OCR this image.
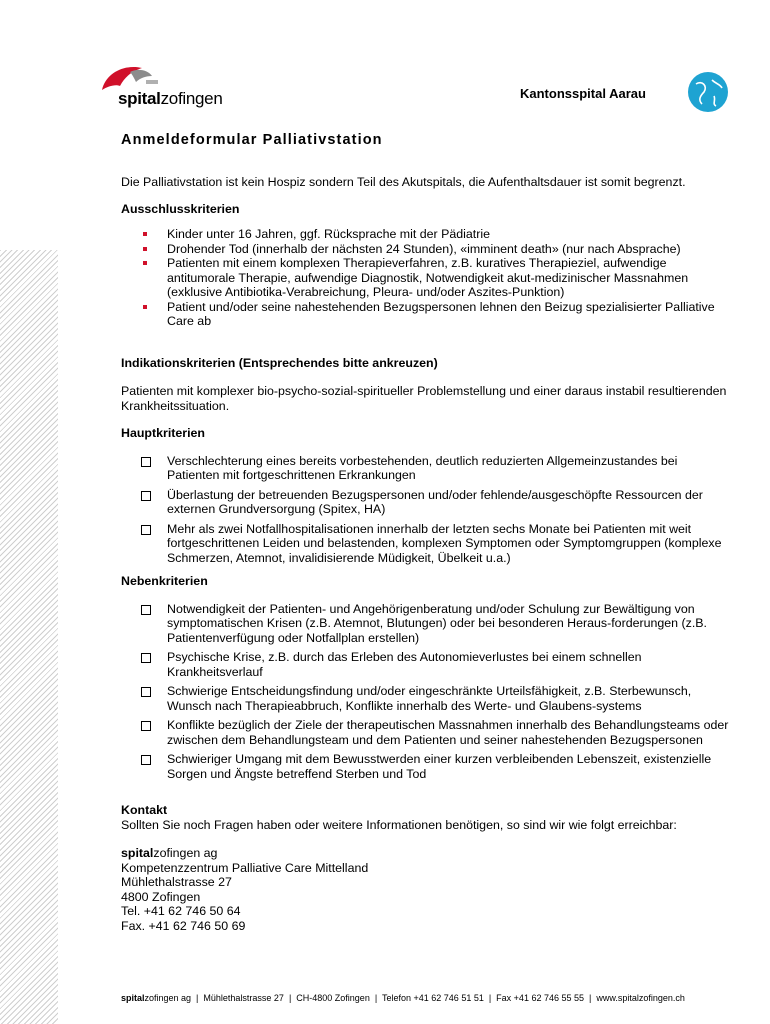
spitalzofingen	Kantonsspital Aarau
Anmeldeformular Palliativstation

Die Palliativstation ist kein Hospiz sondern Teil des Akutspitals, die Aufenthaltsdauer ist somit begrenzt.

Ausschlusskriterien

Kinder unter 16 Jahren, ggf. Rücksprache mit der Pädiatrie
Drohender Tod (innerhalb der nächsten 24 Stunden), «imminent death» (nur nach Absprache)
Patienten mit einem komplexen Therapieverfahren, z.B. kuratives Therapieziel, aufwendige antitumorale Therapie, aufwendige Diagnostik, Notwendigkeit akut-medizinischer Massnahmen (exklusive Antibiotika-Verabreichung, Pleura- und/oder Aszites-Punktion)
Patient und/oder seine nahestehenden Bezugspersonen lehnen den Beizug spezialisierter Palliative Care ab

Indikationskriterien (Entsprechendes bitte ankreuzen)

Patienten mit komplexer bio-psycho-sozial-spiritueller Problemstellung und einer daraus instabil resultierenden Krankheitssituation.

Hauptkriterien

Verschlechterung eines bereits vorbestehenden, deutlich reduzierten Allgemeinzustandes bei Patienten mit fortgeschrittenen Erkrankungen
Überlastung der betreuenden Bezugspersonen und/oder fehlende/ausgeschöpfte Ressourcen der externen Grundversorgung (Spitex, HA)
Mehr als zwei Notfallhospitalisationen innerhalb der letzten sechs Monate bei Patienten mit weit fortgeschrittenen Leiden und belastenden, komplexen Symptomen oder Symptomgruppen (komplexe Schmerzen, Atemnot, invalidisierende Müdigkeit, Übelkeit u.a.)

Nebenkriterien

Notwendigkeit der Patienten- und Angehörigenberatung und/oder Schulung zur Bewältigung von symptomatischen Krisen (z.B. Atemnot, Blutungen) oder bei besonderen Heraus-forderungen (z.B. Patientenverfügung oder Notfallplan erstellen)
Psychische Krise, z.B. durch das Erleben des Autonomieverlustes bei einem schnellen Krankheitsverlauf
Schwierige Entscheidungsfindung und/oder eingeschränkte Urteilsfähigkeit, z.B. Sterbewunsch, Wunsch nach Therapieabbruch, Konflikte innerhalb des Werte- und Glaubens-systems
Konflikte bezüglich der Ziele der therapeutischen Massnahmen innerhalb des Behandlungsteams oder zwischen dem Behandlungsteam und dem Patienten und seiner nahestehenden Bezugspersonen
Schwieriger Umgang mit dem Bewusstwerden einer kurzen verbleibenden Lebenszeit, existenzielle Sorgen und Ängste betreffend Sterben und Tod

Kontakt

Sollten Sie noch Fragen haben oder weitere Informationen benötigen, so sind wir wie folgt erreichbar:

spitalzofingen ag

Kompetenzzentrum Palliative Care Mittelland

Mühlethalstrasse 27

4800 Zofingen

Tel. +41 62 746 50 64

Fax. +41 62 746 50 69

spitalzofingen ag  |  Mühlethalstrasse 27  |  CH-4800 Zofingen  |  Telefon +41 62 746 51 51  |  Fax +41 62 746 55 55  |  www.spitalzofingen.ch
